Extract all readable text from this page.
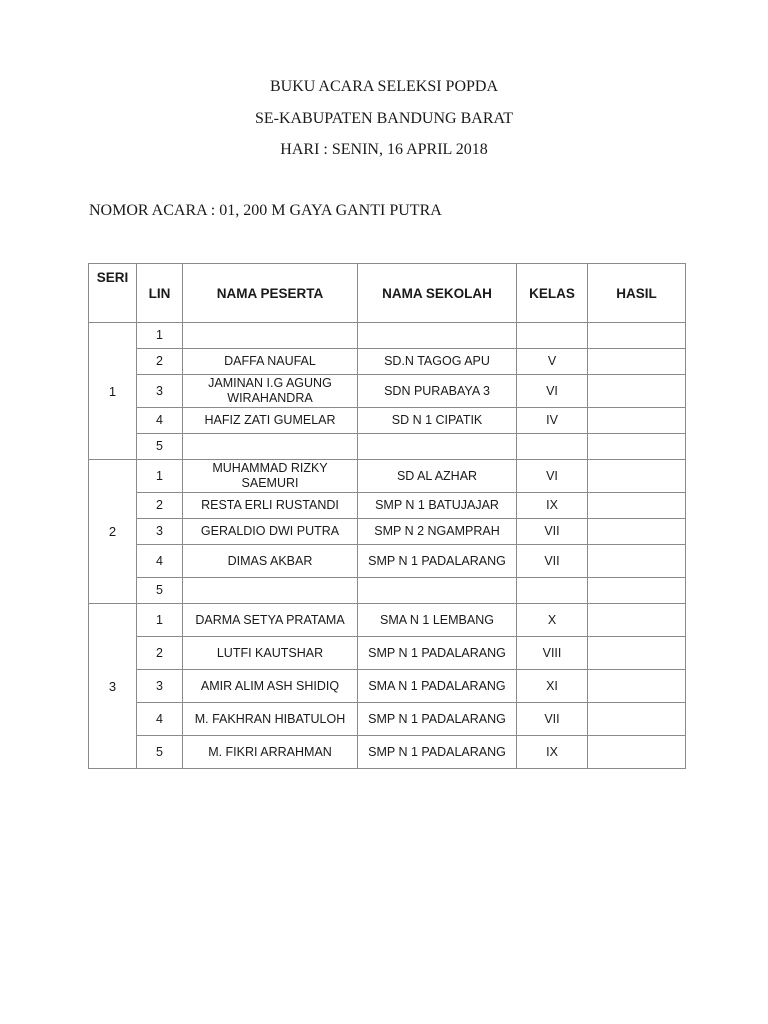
BUKU ACARA SELEKSI POPDA
SE-KABUPATEN BANDUNG BARAT
HARI : SENIN, 16 APRIL 2018

NOMOR ACARA : 01, 200 M GAYA GANTI PUTRA

SERI	LIN	NAMA PESERTA	NAMA SEKOLAH	KELAS	HASIL
1	1				

	2	DAFFA NAUFAL	SD.N TAGOG APU	V	

	3	JAMINAN I.G AGUNG WIRAHANDRA	SDN PURABAYA 3	VI	

	4	HAFIZ ZATI GUMELAR	SD N 1 CIPATIK	IV	

	5				

2	1	MUHAMMAD RIZKY SAEMURI	SD AL AZHAR	VI	

	2	RESTA ERLI RUSTANDI	SMP N 1 BATUJAJAR	IX	

	3	GERALDIO DWI PUTRA	SMP N 2 NGAMPRAH	VII	

	4	DIMAS AKBAR	SMP N 1 PADALARANG	VII	

	5				

3	1	DARMA SETYA PRATAMA	SMA N 1 LEMBANG	X	

	2	LUTFI KAUTSHAR	SMP N 1 PADALARANG	VIII	

	3	AMIR ALIM ASH SHIDIQ	SMA N 1 PADALARANG	XI	

	4	M. FAKHRAN HIBATULOH	SMP N 1 PADALARANG	VII	

	5	M. FIKRI ARRAHMAN	SMP N 1 PADALARANG	IX	
